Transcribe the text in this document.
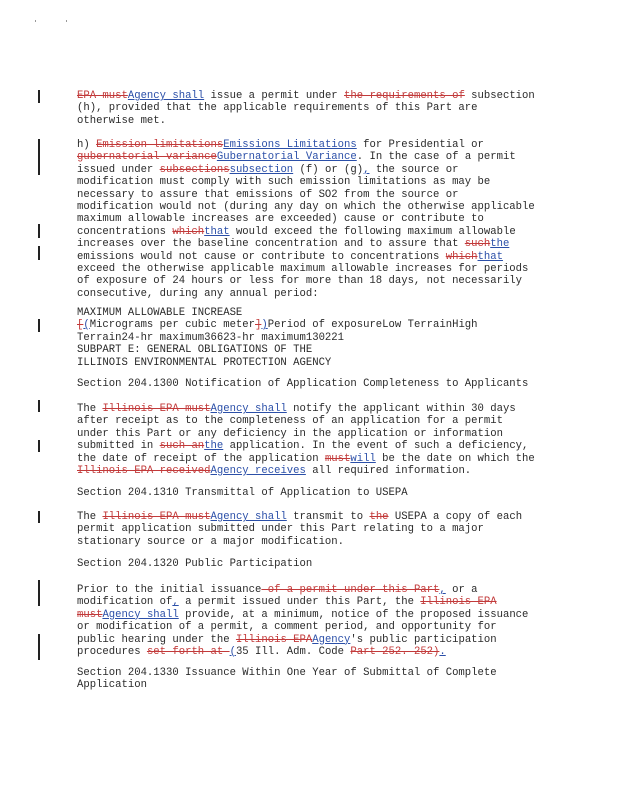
EPA mustAgency shall issue a permit under the requirements of subsection
(h), provided that the applicable requirements of this Part are
otherwise met.
h) Emission limitationsEmissions Limitations for Presidential or
gubernatorial varianceGubernatorial Variance. In the case of a permit
issued under subsectionssubsection (f) or (g), the source or
modification must comply with such emission limitations as may be
necessary to assure that emissions of SO2 from the source or
modification would not (during any day on which the otherwise applicable
maximum allowable increases are exceeded) cause or contribute to
concentrations whichthat would exceed the following maximum allowable
increases over the baseline concentration and to assure that suchthe
emissions would not cause or contribute to concentrations whichthat
exceed the otherwise applicable maximum allowable increases for periods
of exposure of 24 hours or less for more than 18 days, not necessarily
consecutive, during any annual period:
MAXIMUM ALLOWABLE INCREASE
[(Micrograms per cubic meter])Period of exposureLow TerrainHigh
Terrain24-hr maximum36623-hr maximum130221
SUBPART E: GENERAL OBLIGATIONS OF THE
ILLINOIS ENVIRONMENTAL PROTECTION AGENCY
Section 204.1300 Notification of Application Completeness to Applicants
The Illinois EPA mustAgency shall notify the applicant within 30 days
after receipt as to the completeness of an application for a permit
under this Part or any deficiency in the application or information
submitted in such anthe application. In the event of such a deficiency,
the date of receipt of the application mustwill be the date on which the
Illinois EPA receivedAgency receives all required information.
Section 204.1310 Transmittal of Application to USEPA
The Illinois EPA mustAgency shall transmit to the USEPA a copy of each
permit application submitted under this Part relating to a major
stationary source or a major modification.
Section 204.1320 Public Participation
Prior to the initial issuance of a permit under this Part, or a
modification of, a permit issued under this Part, the Illinois EPA
mustAgency shall provide, at a minimum, notice of the proposed issuance
or modification of a permit, a comment period, and opportunity for
public hearing under the Illinois EPAAgency's public participation
procedures set forth at (35 Ill. Adm. Code Part 252. 252).
Section 204.1330 Issuance Within One Year of Submittal of Complete
Application
